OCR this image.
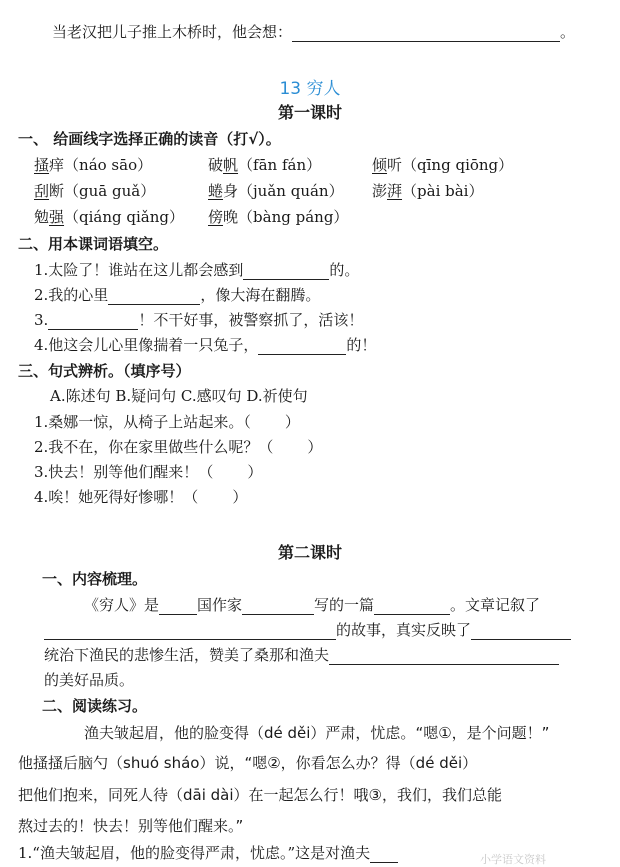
当老汉把儿子推上木桥时，他会想：	。
13 穷人
第一课时
一、 给画线字选择正确的读音（打√）。
搔痒（náo sāo）	破帆（fān fán）	倾听（qīng qiōng）
刮断（guā guǎ）	蜷身（juǎn quán） 澎湃（pài bài）
勉强（qiáng qiǎng） 傍晚（bàng páng）
二、用本课词语填空。
1.太险了！谁站在这儿都会感到	的。
2.我的心里	，像大海在翻腾。
3.	！不干好事，被警察抓了，活该！
4.他这会儿心里像揣着一只兔子，	的！
三、句式辨析。（填序号）
A.陈述句 B.疑问句 C.感叹句 D.祈使句
1.桑娜一惊，从椅子上站起来。（ ）
2.我不在，你在家里做些什么呢？（ ）
3.快去！别等他们醒来！（ ）
4.唉！她死得好惨哪！（ ）
第二课时
一、内容梳理。
《穷人》是	国作家	写的一篇	。文章记叙了
的故事，真实反映了
统治下渔民的悲惨生活，赞美了桑那和渔夫
的美好品质。
二、阅读练习。
渔夫皱起眉，他的脸变得（dé děi）严肃，忧虑。“嗯①，是个问题！”
他搔搔后脑勺（shuó sháo）说，“嗯②，你看怎么办？得（dé děi）
把他们抱来，同死人待（dāi dài）在一起怎么行！哦③，我们，我们总能
熬过去的！快去！别等他们醒来。”
1.“渔夫皱起眉，他的脸变得严肃，忧虑。”这是对渔夫	小学语文资料
